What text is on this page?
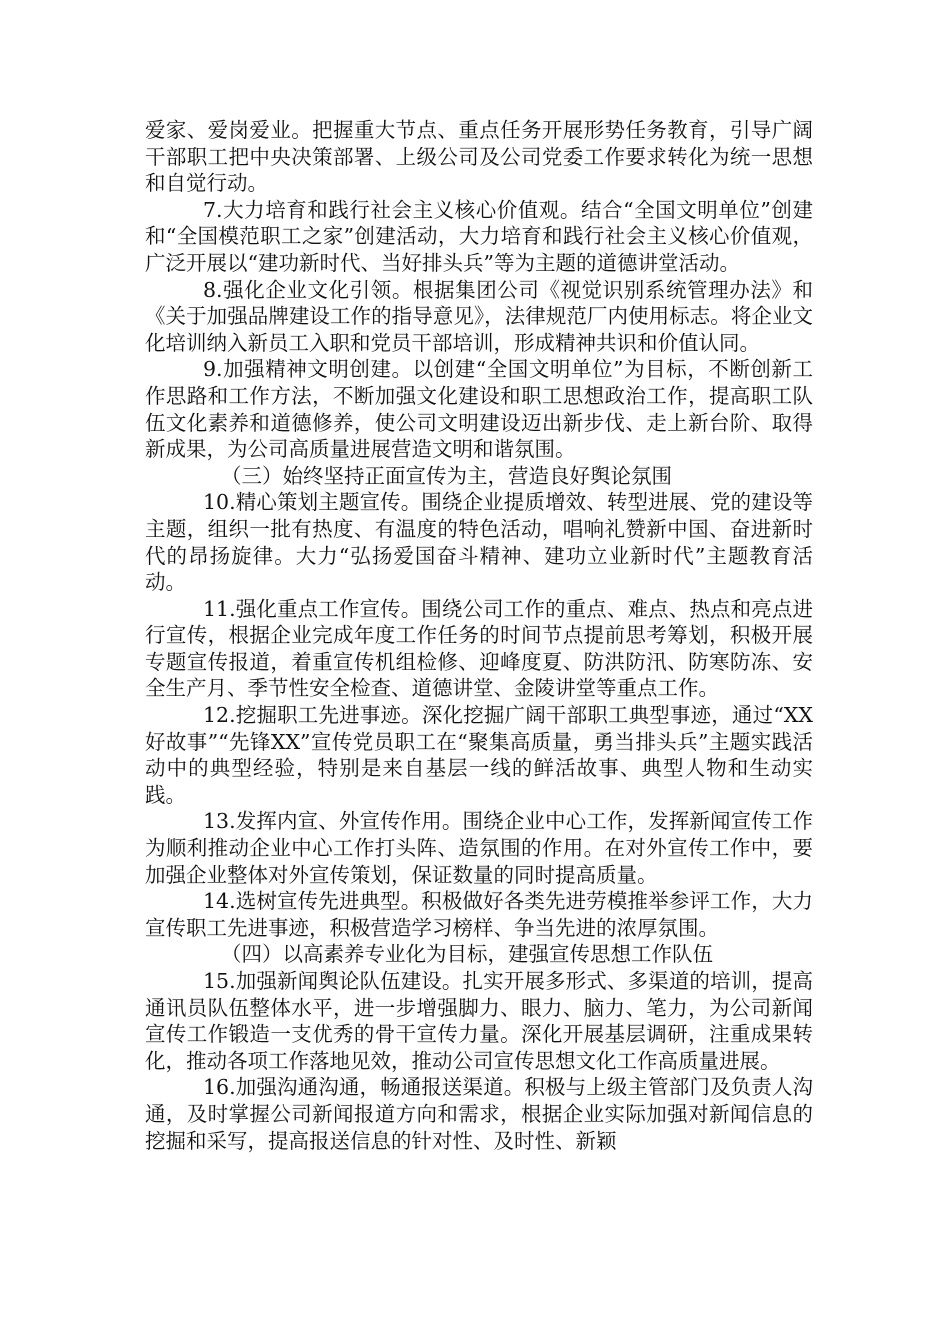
爱家、爱岗爱业。把握重大节点、重点任务开展形势任务教育，引导广阔干部职工把中央决策部署、上级公司及公司党委工作要求转化为统一思想和自觉行动。

7.大力培育和践行社会主义核心价值观。结合“全国文明单位”创建和“全国模范职工之家”创建活动，大力培育和践行社会主义核心价值观，广泛开展以“建功新时代、当好排头兵”等为主题的道德讲堂活动。

8.强化企业文化引领。根据集团公司《视觉识别系统管理办法》和《关于加强品牌建设工作的指导意见》，法律规范厂内使用标志。将企业文化培训纳入新员工入职和党员干部培训，形成精神共识和价值认同。

9.加强精神文明创建。以创建“全国文明单位”为目标，不断创新工作思路和工作方法，不断加强文化建设和职工思想政治工作，提高职工队伍文化素养和道德修养，使公司文明建设迈出新步伐、走上新台阶、取得新成果，为公司高质量进展营造文明和谐氛围。

（三）始终坚持正面宣传为主，营造良好舆论氛围

10.精心策划主题宣传。围绕企业提质增效、转型进展、党的建设等主题，组织一批有热度、有温度的特色活动，唱响礼赞新中国、奋进新时代的昂扬旋律。大力“弘扬爱国奋斗精神、建功立业新时代”主题教育活动。

11.强化重点工作宣传。围绕公司工作的重点、难点、热点和亮点进行宣传，根据企业完成年度工作任务的时间节点提前思考筹划，积极开展专题宣传报道，着重宣传机组检修、迎峰度夏、防洪防汛、防寒防冻、安全生产月、季节性安全检查、道德讲堂、金陵讲堂等重点工作。

12.挖掘职工先进事迹。深化挖掘广阔干部职工典型事迹，通过“XX好故事”“先锋XX”宣传党员职工在“聚集高质量，勇当排头兵”主题实践活动中的典型经验，特别是来自基层一线的鲜活故事、典型人物和生动实践。

13.发挥内宣、外宣传作用。围绕企业中心工作，发挥新闻宣传工作为顺利推动企业中心工作打头阵、造氛围的作用。在对外宣传工作中，要加强企业整体对外宣传策划，保证数量的同时提高质量。

14.选树宣传先进典型。积极做好各类先进劳模推举参评工作，大力宣传职工先进事迹，积极营造学习榜样、争当先进的浓厚氛围。

（四）以高素养专业化为目标，建强宣传思想工作队伍

15.加强新闻舆论队伍建设。扎实开展多形式、多渠道的培训，提高通讯员队伍整体水平，进一步增强脚力、眼力、脑力、笔力，为公司新闻宣传工作锻造一支优秀的骨干宣传力量。深化开展基层调研，注重成果转化，推动各项工作落地见效，推动公司宣传思想文化工作高质量进展。

16.加强沟通沟通，畅通报送渠道。积极与上级主管部门及负责人沟通，及时掌握公司新闻报道方向和需求，根据企业实际加强对新闻信息的挖掘和采写，提高报送信息的针对性、及时性、新颖
